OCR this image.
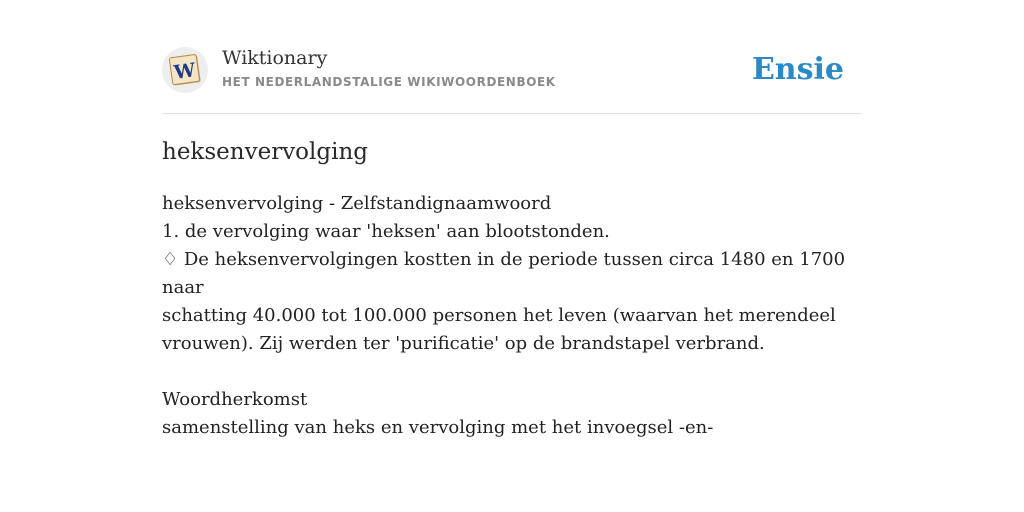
W
Wiktionary
HET NEDERLANDSTALIGE WIKIWOORDENBOEK	Ensie
heksenvervolging
heksenvervolging - Zelfstandignaamwoord
1. de vervolging waar 'heksen' aan blootstonden.
♢ De heksenvervolgingen kostten in de periode tussen circa 1480 en 1700 naar
schatting 40.000 tot 100.000 personen het leven (waarvan het merendeel
vrouwen). Zij werden ter 'purificatie' op de brandstapel verbrand.
Woordherkomst
samenstelling van heks en vervolging met het invoegsel -en-
